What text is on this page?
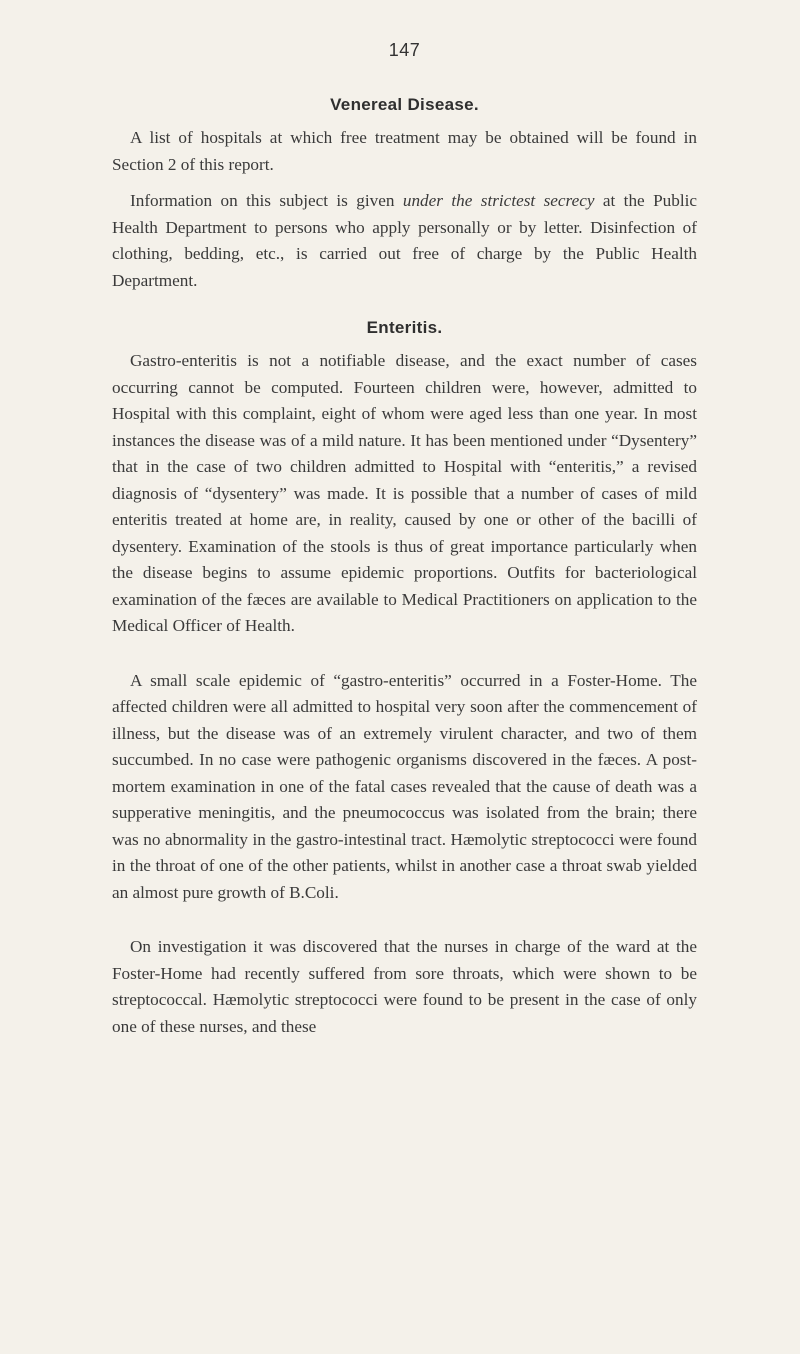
147
Venereal Disease.

A list of hospitals at which free treatment may be obtained will be found in Section 2 of this report.

Information on this subject is given under the strictest secrecy at the Public Health Department to persons who apply personally or by letter. Disinfection of clothing, bedding, etc., is carried out free of charge by the Public Health Department.

Enteritis.

Gastro-enteritis is not a notifiable disease, and the exact number of cases occurring cannot be computed. Fourteen children were, however, admitted to Hospital with this complaint, eight of whom were aged less than one year. In most instances the disease was of a mild nature. It has been mentioned under “Dysentery” that in the case of two children admitted to Hospital with “enteritis,” a revised diagnosis of “dysentery” was made. It is possible that a number of cases of mild enteritis treated at home are, in reality, caused by one or other of the bacilli of dysentery. Examination of the stools is thus of great importance particularly when the disease begins to assume epidemic proportions. Outfits for bacteriological examination of the fæces are available to Medical Practitioners on application to the Medical Officer of Health.

A small scale epidemic of “gastro-enteritis” occurred in a Foster-Home. The affected children were all admitted to hospital very soon after the commencement of illness, but the disease was of an extremely virulent character, and two of them succumbed. In no case were pathogenic organisms discovered in the fæces. A post-mortem examination in one of the fatal cases revealed that the cause of death was a supperative meningitis, and the pneumococcus was isolated from the brain; there was no abnormality in the gastro-intestinal tract. Hæmolytic streptococci were found in the throat of one of the other patients, whilst in another case a throat swab yielded an almost pure growth of B.Coli.

On investigation it was discovered that the nurses in charge of the ward at the Foster-Home had recently suffered from sore throats, which were shown to be streptococcal. Hæmolytic streptococci were found to be present in the case of only one of these nurses, and these
